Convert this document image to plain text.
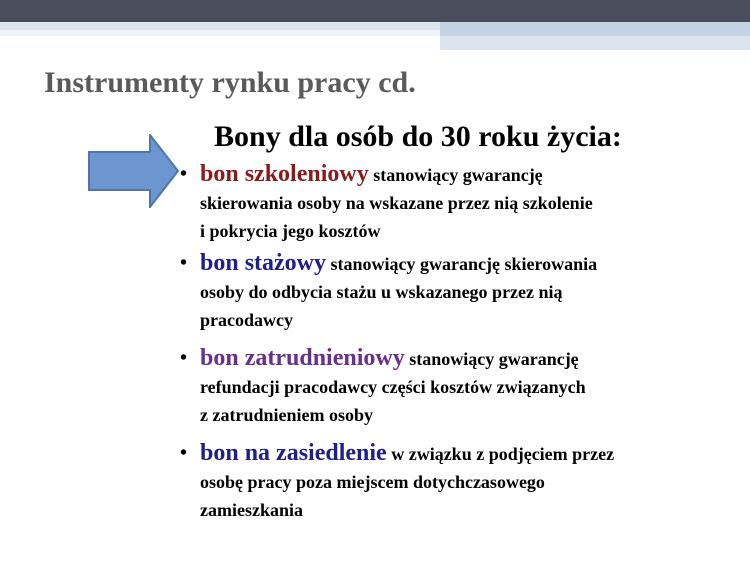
Instrumenty rynku pracy cd.
Bony dla osób do 30 roku życia:
• bon szkoleniowy stanowiący gwarancję
skierowania osoby na wskazane przez nią szkolenie
i pokrycia jego kosztów
• bon stażowy stanowiący gwarancję skierowania
osoby do odbycia stażu u wskazanego przez nią
pracodawcy
• bon zatrudnieniowy stanowiący gwarancję
refundacji pracodawcy części kosztów związanych
z zatrudnieniem osoby
• bon na zasiedlenie w związku z podjęciem przez
osobę pracy poza miejscem dotychczasowego
zamieszkania
